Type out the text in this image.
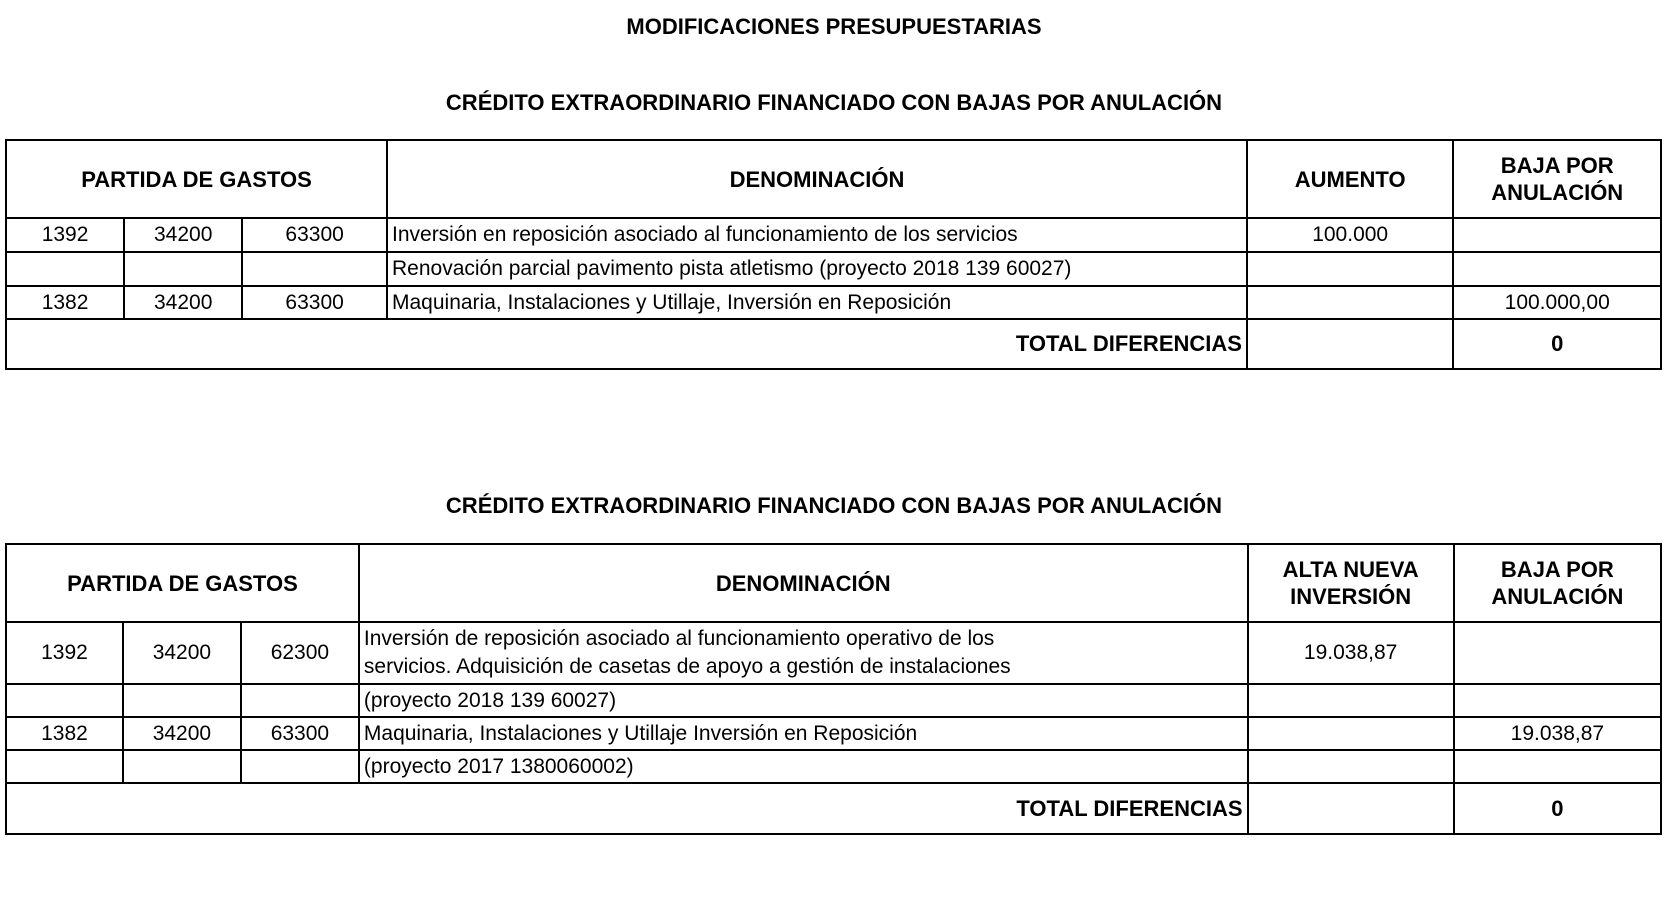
MODIFICACIONES PRESUPUESTARIAS
CRÉDITO EXTRAORDINARIO FINANCIADO CON BAJAS POR ANULACIÓN
PARTIDA DE GASTOS			DENOMINACIÓN	AUMENTO	BAJA POR ANULACIÓN
1392	34200	63300	Inversión en reposición asociado al funcionamiento de los servicios	100.000	
			Renovación parcial pavimento pista atletismo (proyecto 2018 139 60027)		
1382	34200	63300	Maquinaria, Instalaciones y Utillaje, Inversión en Reposición		100.000,00
TOTAL DIFERENCIAS					0
CRÉDITO EXTRAORDINARIO FINANCIADO CON BAJAS POR ANULACIÓN
PARTIDA DE GASTOS			DENOMINACIÓN	ALTA NUEVA INVERSIÓN	BAJA POR ANULACIÓN
1392	34200	62300	Inversión de reposición asociado al funcionamiento operativo de los
servicios. Adquisición de casetas de apoyo a gestión de instalaciones	19.038,87	
			(proyecto 2018 139 60027)		
1382	34200	63300	Maquinaria, Instalaciones y Utillaje Inversión en Reposición		19.038,87
			(proyecto 2017 1380060002)		
TOTAL DIFERENCIAS					0
